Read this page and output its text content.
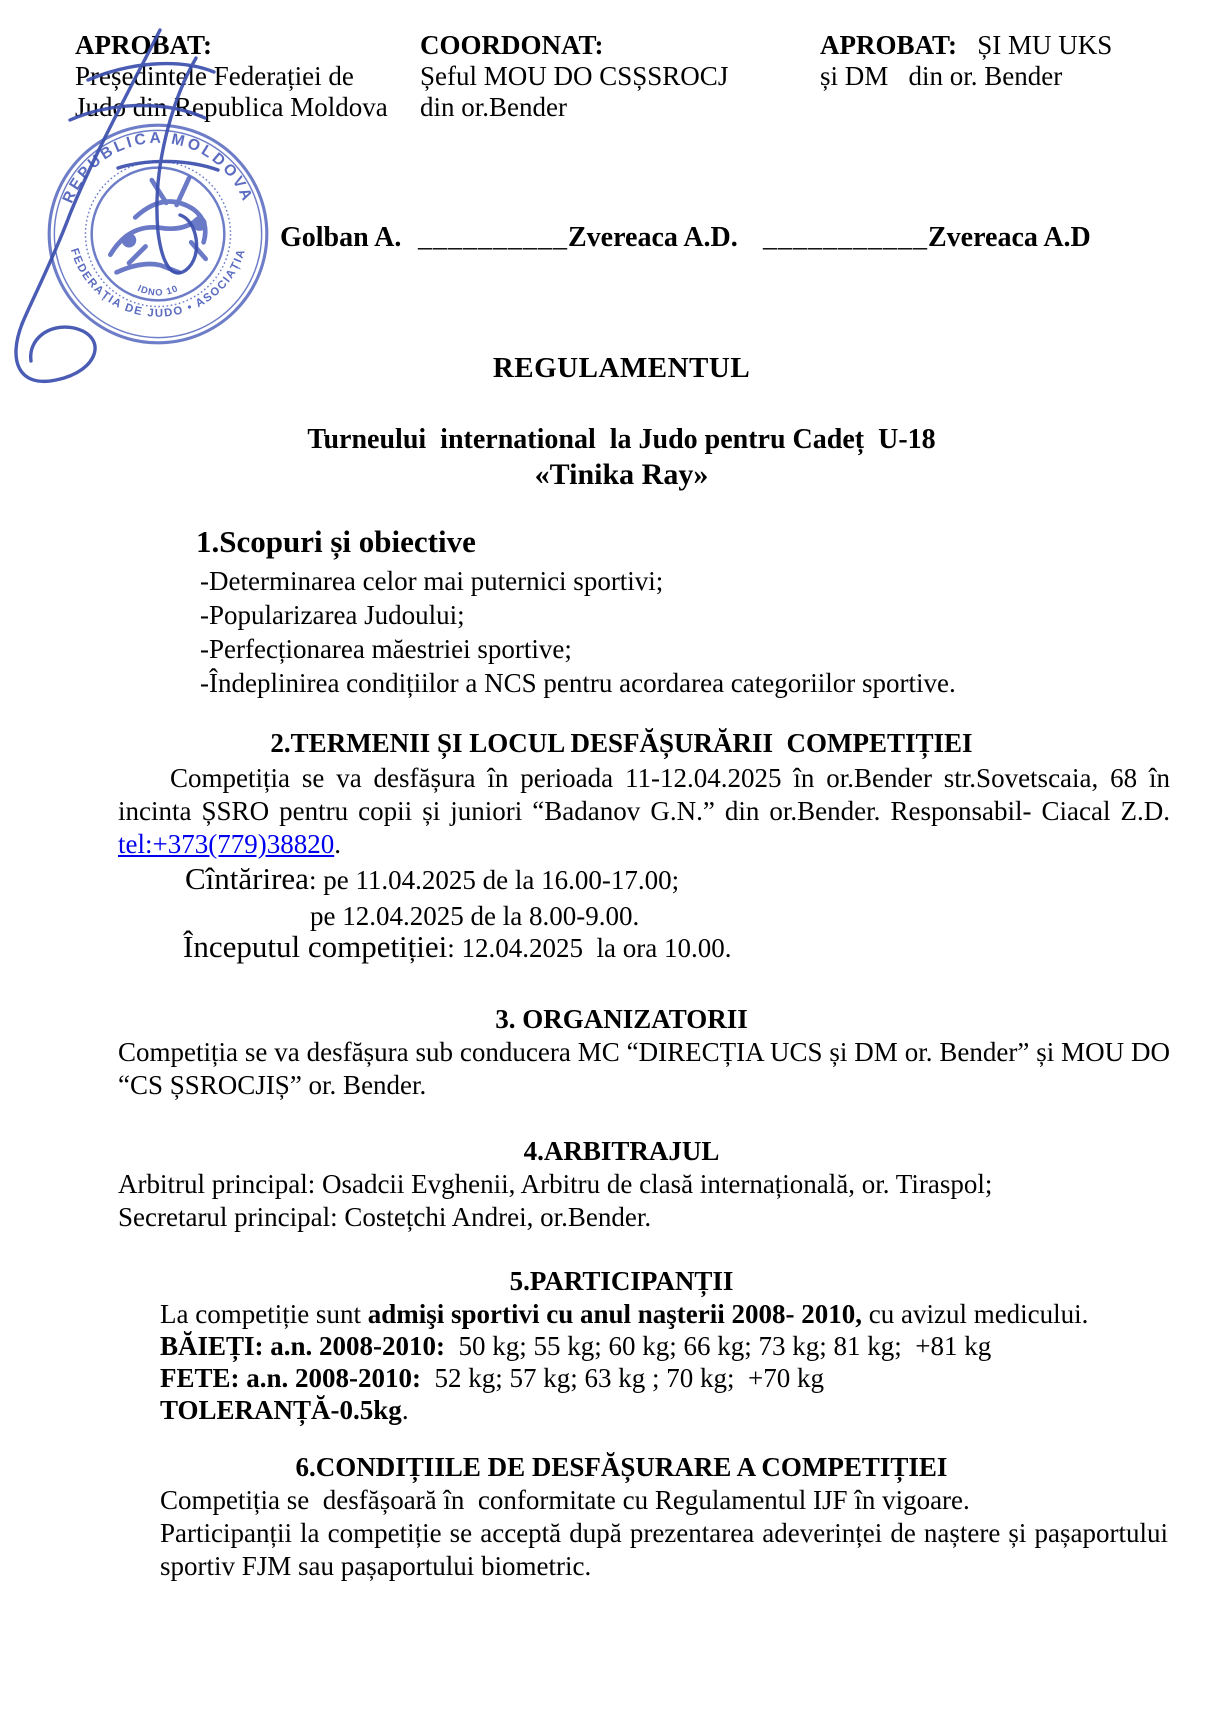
APROBAT:
Președintele Federației de
Judo din Republica Moldova
COORDONAT:
Șeful MOU DO CSȘSROCJ
din or.Bender
APROBAT: ȘI MU UKS
și DM   din or. Bender
REPUBLICA MOLDOVA
FEDERAȚIA DE JUDO • ASOCIAȚIA
IDNO 10
Golban A. __________Zvereaca A.D. ___________Zvereaca A.D
REGULAMENTUL
Turneului  international  la Judo pentru Cadeț  U-18
«Tinika Ray»
1.Scopuri și obiective
-Determinarea celor mai puternici sportivi;
-Popularizarea Judoului;
-Perfecționarea măestriei sportive;
-Îndeplinirea condițiilor a NCS pentru acordarea categoriilor sportive.
2.TERMENII ȘI LOCUL DESFĂȘURĂRII  COMPETIȚIEI
Competiția se va desfășura în perioada 11-12.04.2025 în or.Bender str.Sovetscaia, 68 în incinta ȘSRO pentru copii și juniori “Badanov G.N.” din or.Bender. Responsabil- Ciacal Z.D. tel:+373(779)38820.
Cîntărirea: pe 11.04.2025 de la 16.00-17.00;
pe 12.04.2025 de la 8.00-9.00.
Începutul competiției: 12.04.2025  la ora 10.00.
3. ORGANIZATORII
Competiția se va desfășura sub conducera MC “DIRECȚIA UCS și DM or. Bender” și MOU DO “CS ȘSROCJIȘ” or. Bender.
4.ARBITRAJUL
Arbitrul principal: Osadcii Evghenii, Arbitru de clasă internațională, or. Tiraspol;
Secretarul principal: Costețchi Andrei, or.Bender.
5.PARTICIPANȚII
La competiție sunt admişi sportivi cu anul naşterii 2008- 2010, cu avizul medicului.
BĂIEȚI: a.n. 2008-2010:  50 kg; 55 kg; 60 kg; 66 kg; 73 kg; 81 kg;  +81 kg
FETE: a.n. 2008-2010:  52 kg; 57 kg; 63 kg ; 70 kg;  +70 kg
TOLERANȚĂ-0.5kg.
6.CONDIȚIILE DE DESFĂȘURARE A COMPETIȚIEI
Competiția se  desfășoară în  conformitate cu Regulamentul IJF în vigoare.
Participanții la competiție se acceptă după prezentarea adeverinței de naștere și pașaportului sportiv FJM sau pașaportului biometric.
